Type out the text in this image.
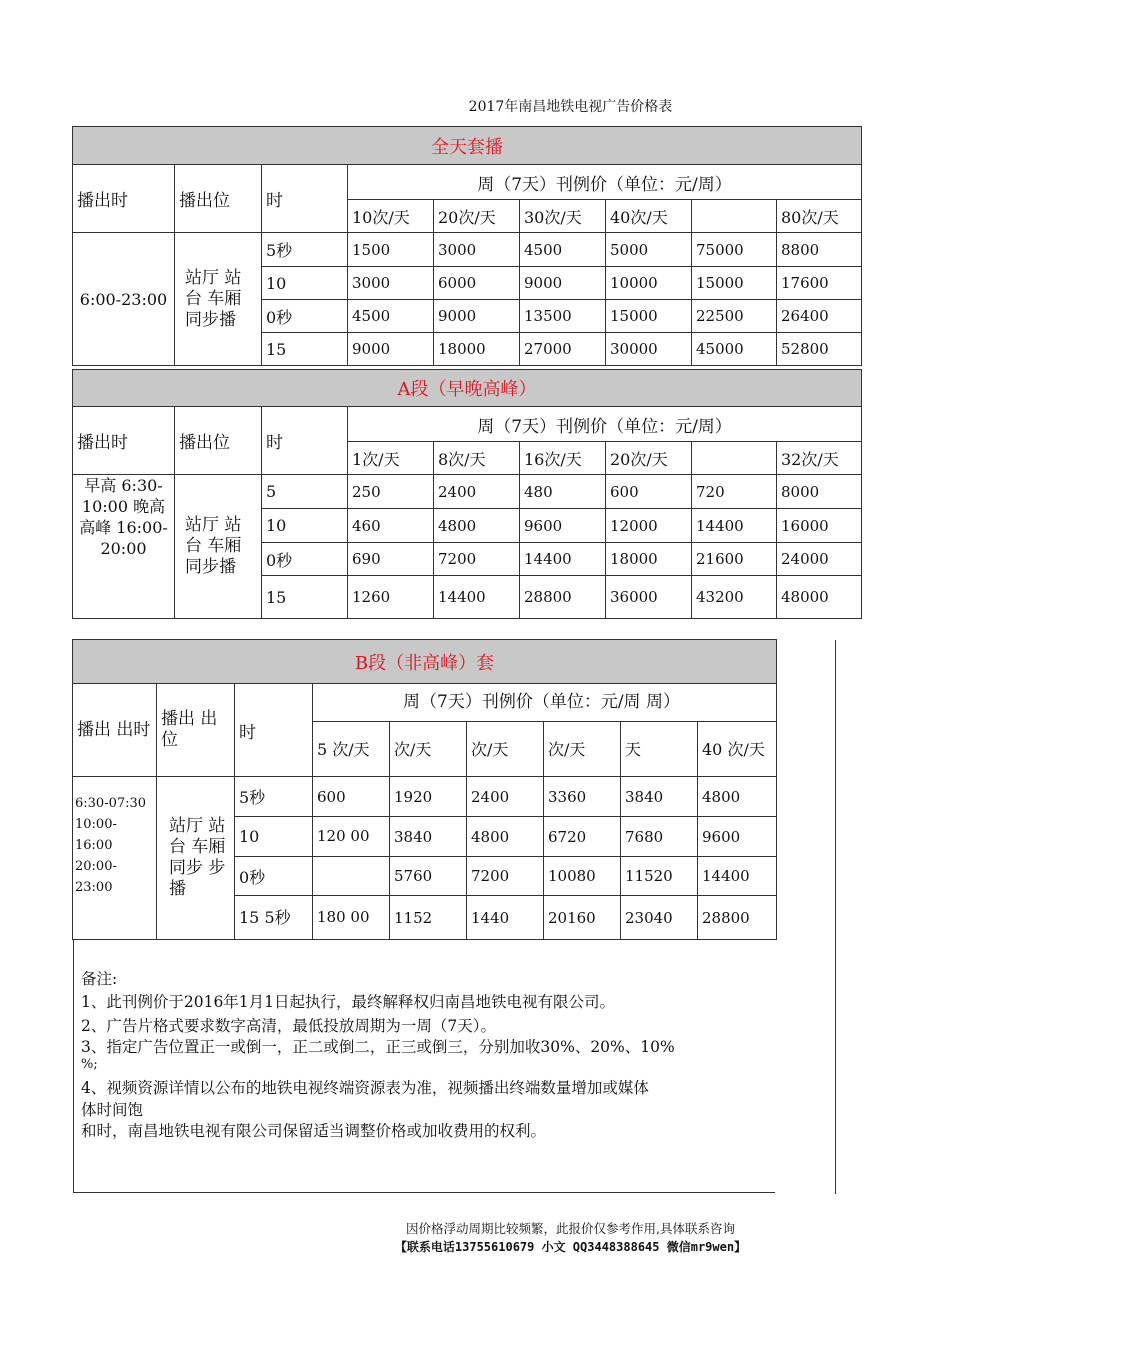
2017年南昌地铁电视广告价格表
全天套播								
播出时	播出位	时	周（7天）刊例价（单位：元/周）					
			10次/天	20次/天	30次/天	40次/天		80次/天
6:00-23:00	站厅 站台 车厢 同步播	5秒	1500	3000	4500	5000	75000	8800
		10	3000	6000	9000	10000	15000	17600
		0秒	4500	9000	13500	15000	22500	26400
		15	9000	18000	27000	30000	45000	52800
A段（早晚高峰）								
播出时	播出位	时	周（7天）刊例价（单位：元/周）					
			1次/天	8次/天	16次/天	20次/天		32次/天
早高 6:30- 10:00 晚高 高峰 16:00- 20:00	站厅 站台 车厢 同步播	5	250	2400	480	600	720	8000
		10	460	4800	9600	12000	14400	16000
		0秒	690	7200	14400	18000	21600	24000
		15	1260	14400	28800	36000	43200	48000
B段（非高峰）套								
播出 出时	播出 出位	时	周（7天）刊例价（单位：元/周 周）					
			5 次/天	次/天	次/天	次/天	天	40 次/天
6:30-07:30 10:00-16:00 20:00-23:00	站厅 站台 车厢 同步 步播	5秒	600	1920	2400	3360	3840	4800
		10	120 00	3840	4800	6720	7680	9600
		0秒		5760	7200	10080	11520	14400
		15 5秒	180 00	1152	1440	20160	23040	28800
备注:
1、此刊例价于2016年1月1日起执行，最终解释权归南昌地铁电视有限公司。
2、广告片格式要求数字高清，最低投放周期为一周（7天）。
3、指定广告位置正一或倒一，正二或倒二，正三或倒三，分别加收30%、20%、10%
%;
4、视频资源详情以公布的地铁电视终端资源表为准，视频播出终端数量增加或媒体
体时间饱
和时，南昌地铁电视有限公司保留适当调整价格或加收费用的权利。
因价格浮动周期比较频繁，此报价仅参考作用,具体联系咨询
【联系电话13755610679 小文 QQ3448388645 微信mr9wen】
